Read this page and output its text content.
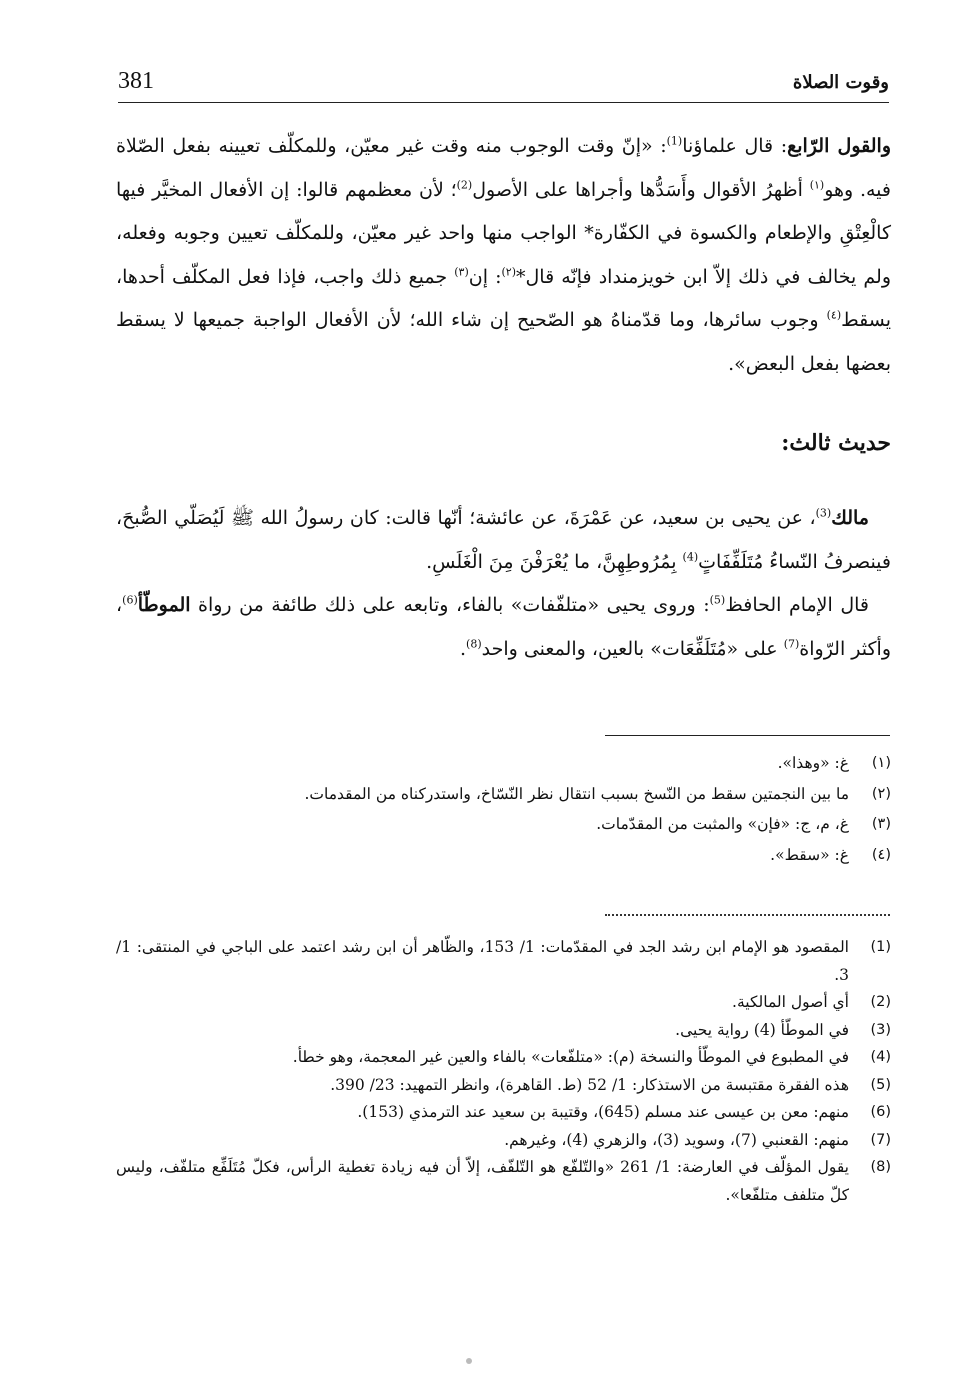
381	وقوت الصلاة

والقول الرّابع: قال علماؤنا$^{(1)}$: «إنّ وقت الوجوب منه وقت غير معيّن، وللمكلّف تعيينه بفعل الصّلاة فيه. وهو$^{(١)}$ أظهرُ الأقوال وأَسَدُّها وأجراها على الأصول$^{(2)}$؛ لأن معظمهم قالوا: إن الأفعال المخيَّر فيها كالْعِتْقِ والإطعام والكسوة في الكفّارة* الواجب منها واحد غير معيّن، وللمكلّف تعيين وجوبه وفعله، ولم يخالف في ذلك إلاّ ابن خويزمنداد فإنّه قال*$^{(٢)}$: إن$^{(٣)}$ جميع ذلك واجب، فإذا فعل المكلّف أحدها، يسقط$^{(٤)}$ وجوب سائرها، وما قدّمناهُ هو الصّحيح إن شاء الله؛ لأن الأفعال الواجبة جميعها لا يسقط بعضها بفعل البعض».

حديث ثالث:

مالك$^{(3)}$، عن يحيى بن سعيد، عن عَمْرَةَ، عن عائشة؛ أنّها قالت: كان رسولُ الله ﷺ لَيُصَلّي الصُّبحَ، فينصرفُ النّساءُ مُتَلَفِّفَاتٍ$^{(4)}$ بِمُرُوطِهِنَّ، ما يُعْرَفْنَ مِنَ الْغَلَسِ.

قال الإمام الحافظ$^{(5)}$: وروى يحيى «متلفّفات» بالفاء، وتابعه على ذلك طائفة من رواة الموطّأ$^{(6)}$، وأكثر الرّواة$^{(7)}$ على «مُتَلَفِّعَات» بالعين، والمعنى واحد$^{(8)}$.

(١)
غ: «وهذا».
(٢)
ما بين النجمتين سقط من النّسخ بسبب انتقال نظر النّسّاخ، واستدركناه من المقدمات.
(٣)
غ، م، ج: «فإن» والمثبت من المقدّمات.
(٤)
غ: «سقط».
(1)
المقصود هو الإمام ابن رشد الجد في المقدّمات: 1/ 153، والظّاهر أن ابن رشد اعتمد على الباجي في المنتقى: 1/ 3.
(2)
أي أصول المالكية.
(3)
في الموطّأ (4) رواية يحيى.
(4)
في المطبوع في الموطّأ والنسخة (م): «متلفّعات» بالفاء والعين غير المعجمة، وهو خطأ.
(5)
هذه الفقرة مقتبسة من الاستذكار: 1/ 52 (ط. القاهرة)، وانظر التمهيد: 23/ 390.
(6)
منهم: معن بن عيسى عند مسلم (645)، وقتيبة بن سعيد عند الترمذي (153).
(7)
منهم: القعنبي (7)، وسويد (3)، والزهري (4)، وغيرهم.
(8)
يقول المؤلّف في العارضة: 1/ 261 «والتّلفّع هو التّلفّف، إلاّ أن فيه زيادة تغطية الرأس، فكلّ مُتَلَفِّع متلفّف، وليس كلّ متلفف متلفّعا».
